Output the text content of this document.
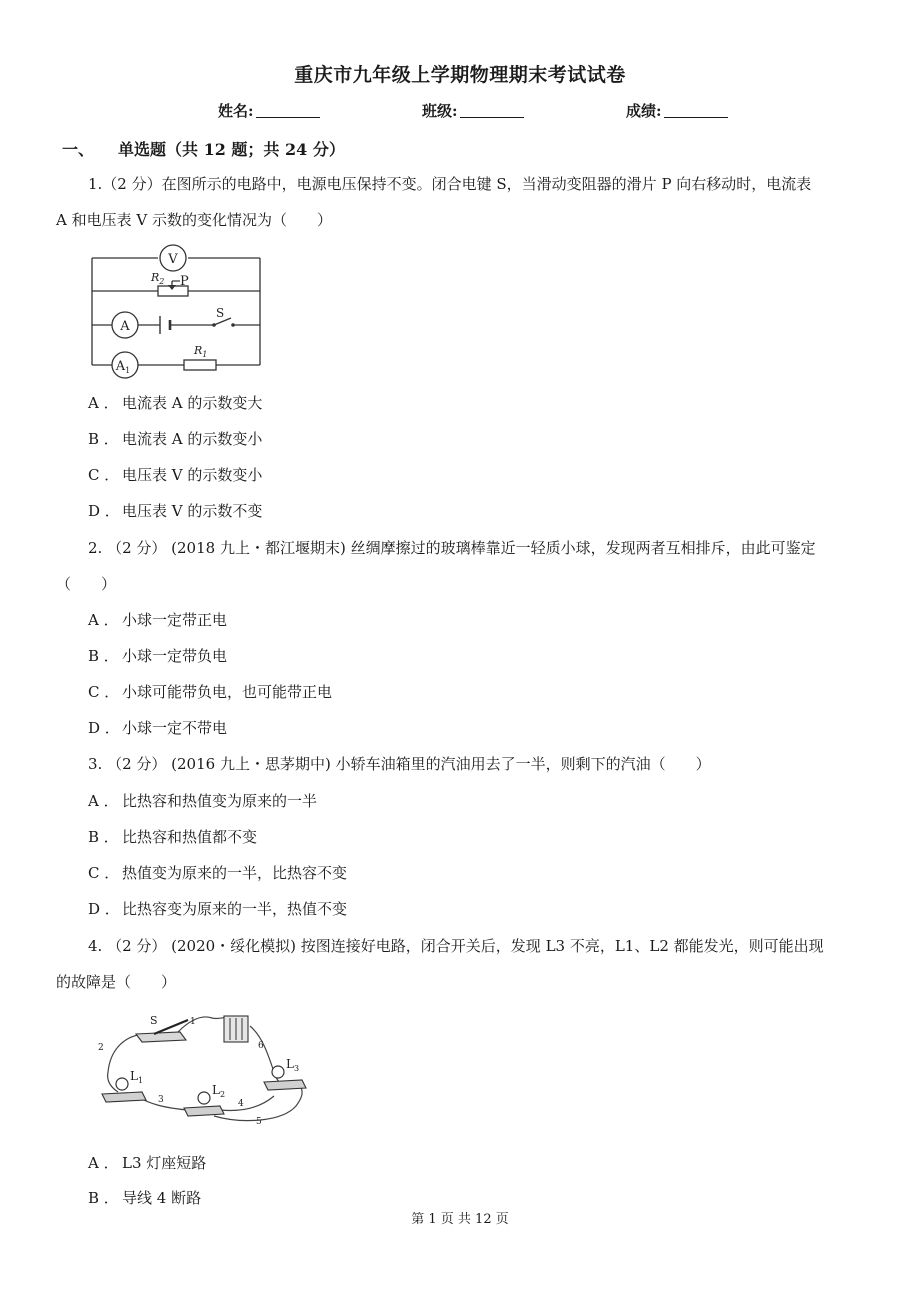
重庆市九年级上学期物理期末考试试卷
姓名:	班级:	成绩:
一、 单选题（共 12 题；共 24 分）
1.（2 分）在图所示的电路中，电源电压保持不变。闭合电键 S，当滑动变阻器的滑片 P 向右移动时，电流表
A 和电压表 V 示数的变化情况为（　　）
V
$R_2$ P
A
S
$A_1$
$R_1$
A ． 电流表 A 的示数变大
B ． 电流表 A 的示数变小
C ． 电压表 V 的示数变小
D ． 电压表 V 的示数不变
2. （2 分） (2018 九上・都江堰期末) 丝绸摩擦过的玻璃棒靠近一轻质小球，发现两者互相排斥，由此可鉴定
（　　）
A ． 小球一定带正电
B ． 小球一定带负电
C ． 小球可能带负电，也可能带正电
D ． 小球一定不带电
3. （2 分） (2016 九上・思茅期中) 小轿车油箱里的汽油用去了一半，则剩下的汽油（　　）
A ． 比热容和热值变为原来的一半
B ． 比热容和热值都不变
C ． 热值变为原来的一半，比热容不变
D ． 比热容变为原来的一半，热值不变
4. （2 分） (2020・绥化模拟) 按图连接好电路，闭合开关后，发现 L3 不亮，L1、L2 都能发光，则可能出现
的故障是（　　）
S
$L_1$
$L_2$
$L_3$
1
2
3	4
5
6
A ． L3 灯座短路
B ． 导线 4 断路
第 1 页 共 12 页
